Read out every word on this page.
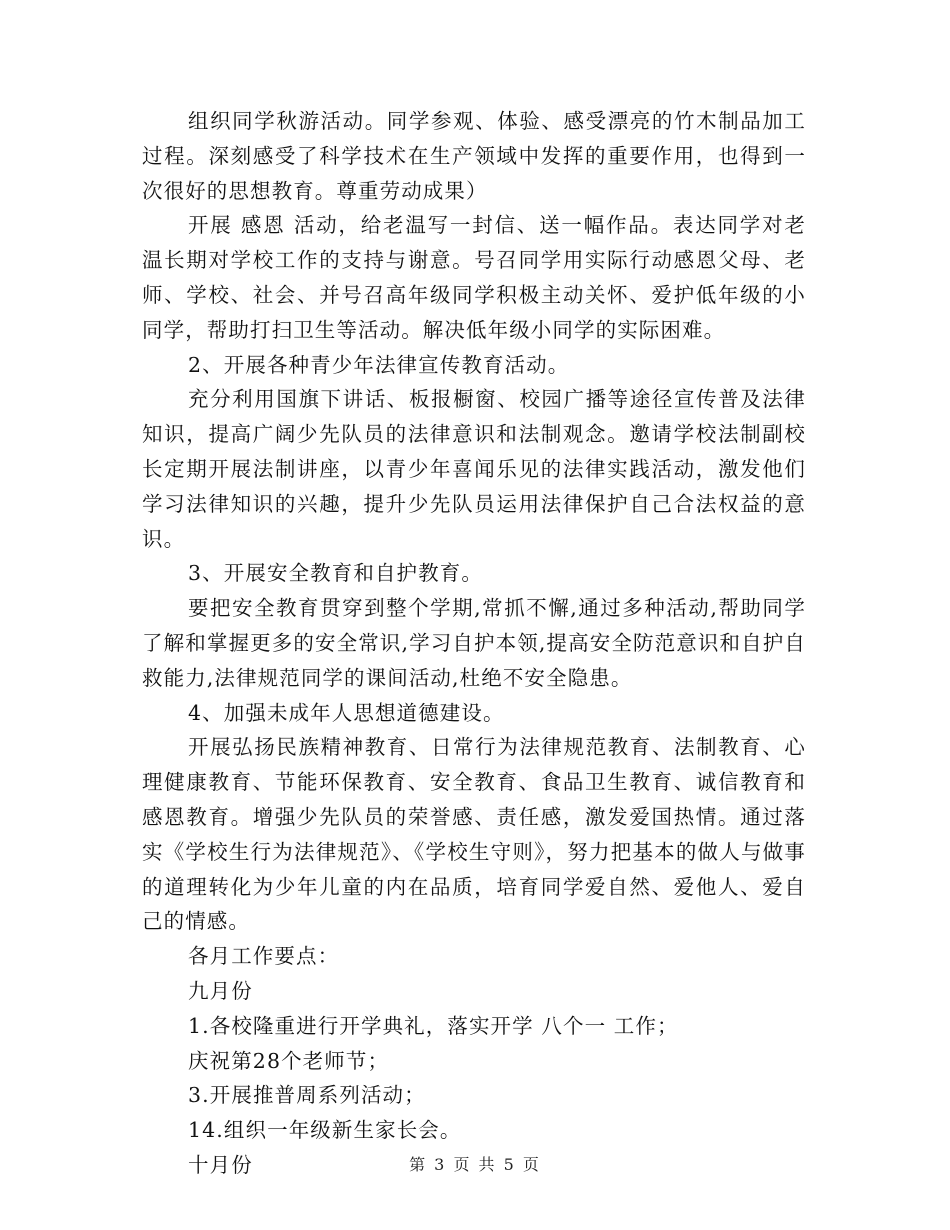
组织同学秋游活动。同学参观、体验、感受漂亮的竹木制品加工过程。深刻感受了科学技术在生产领域中发挥的重要作用，也得到一次很好的思想教育。尊重劳动成果）

开展 感恩 活动，给老温写一封信、送一幅作品。表达同学对老温长期对学校工作的支持与谢意。号召同学用实际行动感恩父母、老师、学校、社会、并号召高年级同学积极主动关怀、爱护低年级的小同学，帮助打扫卫生等活动。解决低年级小同学的实际困难。

2、开展各种青少年法律宣传教育活动。

充分利用国旗下讲话、板报橱窗、校园广播等途径宣传普及法律知识，提高广阔少先队员的法律意识和法制观念。邀请学校法制副校长定期开展法制讲座，以青少年喜闻乐见的法律实践活动，激发他们学习法律知识的兴趣，提升少先队员运用法律保护自己合法权益的意识。

3、开展安全教育和自护教育。

要把安全教育贯穿到整个学期,常抓不懈,通过多种活动,帮助同学了解和掌握更多的安全常识,学习自护本领,提高安全防范意识和自护自救能力,法律规范同学的课间活动,杜绝不安全隐患。

4、加强未成年人思想道德建设。

开展弘扬民族精神教育、日常行为法律规范教育、法制教育、心理健康教育、节能环保教育、安全教育、食品卫生教育、诚信教育和感恩教育。增强少先队员的荣誉感、责任感，激发爱国热情。通过落实《学校生行为法律规范》、《学校生守则》，努力把基本的做人与做事的道理转化为少年儿童的内在品质，培育同学爱自然、爱他人、爱自己的情感。

各月工作要点：

九月份

1.各校隆重进行开学典礼，落实开学 八个一 工作；

庆祝第28个老师节；

3.开展推普周系列活动；

14.组织一年级新生家长会。

十月份	第 3 页 共 5 页
